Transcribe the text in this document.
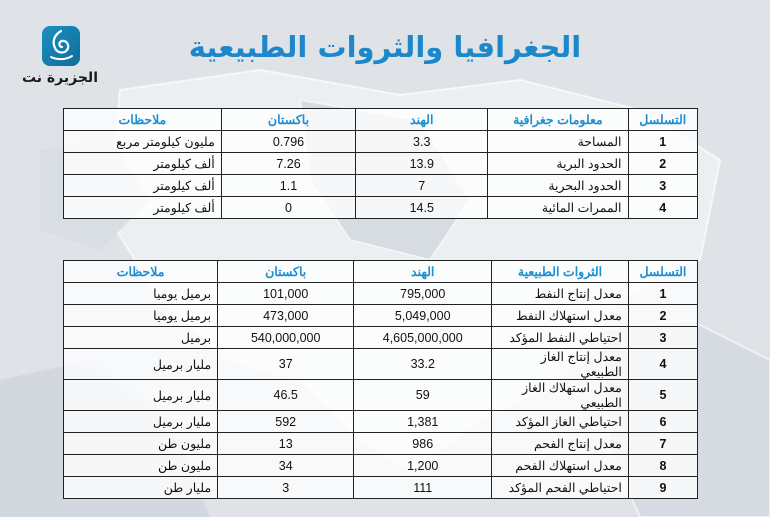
الجزيرة نت
الجغرافيا والثروات الطبيعية
التسلسل	معلومات جغرافية	الهند	باكستان	ملاحظات
1	المساحة	3.3	0.796	مليون كيلومتر مربع
2	الحدود البرية	13.9	7.26	ألف كيلومتر
3	الحدود البحرية	7	1.1	ألف كيلومتر
4	الممرات المائية	14.5	0	ألف كيلومتر
التسلسل	الثروات الطبيعية	الهند	باكستان	ملاحظات
1	معدل إنتاج النفط	795,000	101,000	برميل يوميا
2	معدل استهلاك النفط	5,049,000	473,000	برميل يوميا
3	احتياطي النفط المؤكد	4,605,000,000	540,000,000	برميل
4	معدل إنتاج الغاز الطبيعي	33.2	37	مليار برميل
5	معدل استهلاك الغاز الطبيعي	59	46.5	مليار برميل
6	احتياطي الغاز المؤكد	1,381	592	مليار برميل
7	معدل إنتاج الفحم	986	13	مليون طن
8	معدل استهلاك الفحم	1,200	34	مليون طن
9	احتياطي الفحم المؤكد	111	3	مليار طن
